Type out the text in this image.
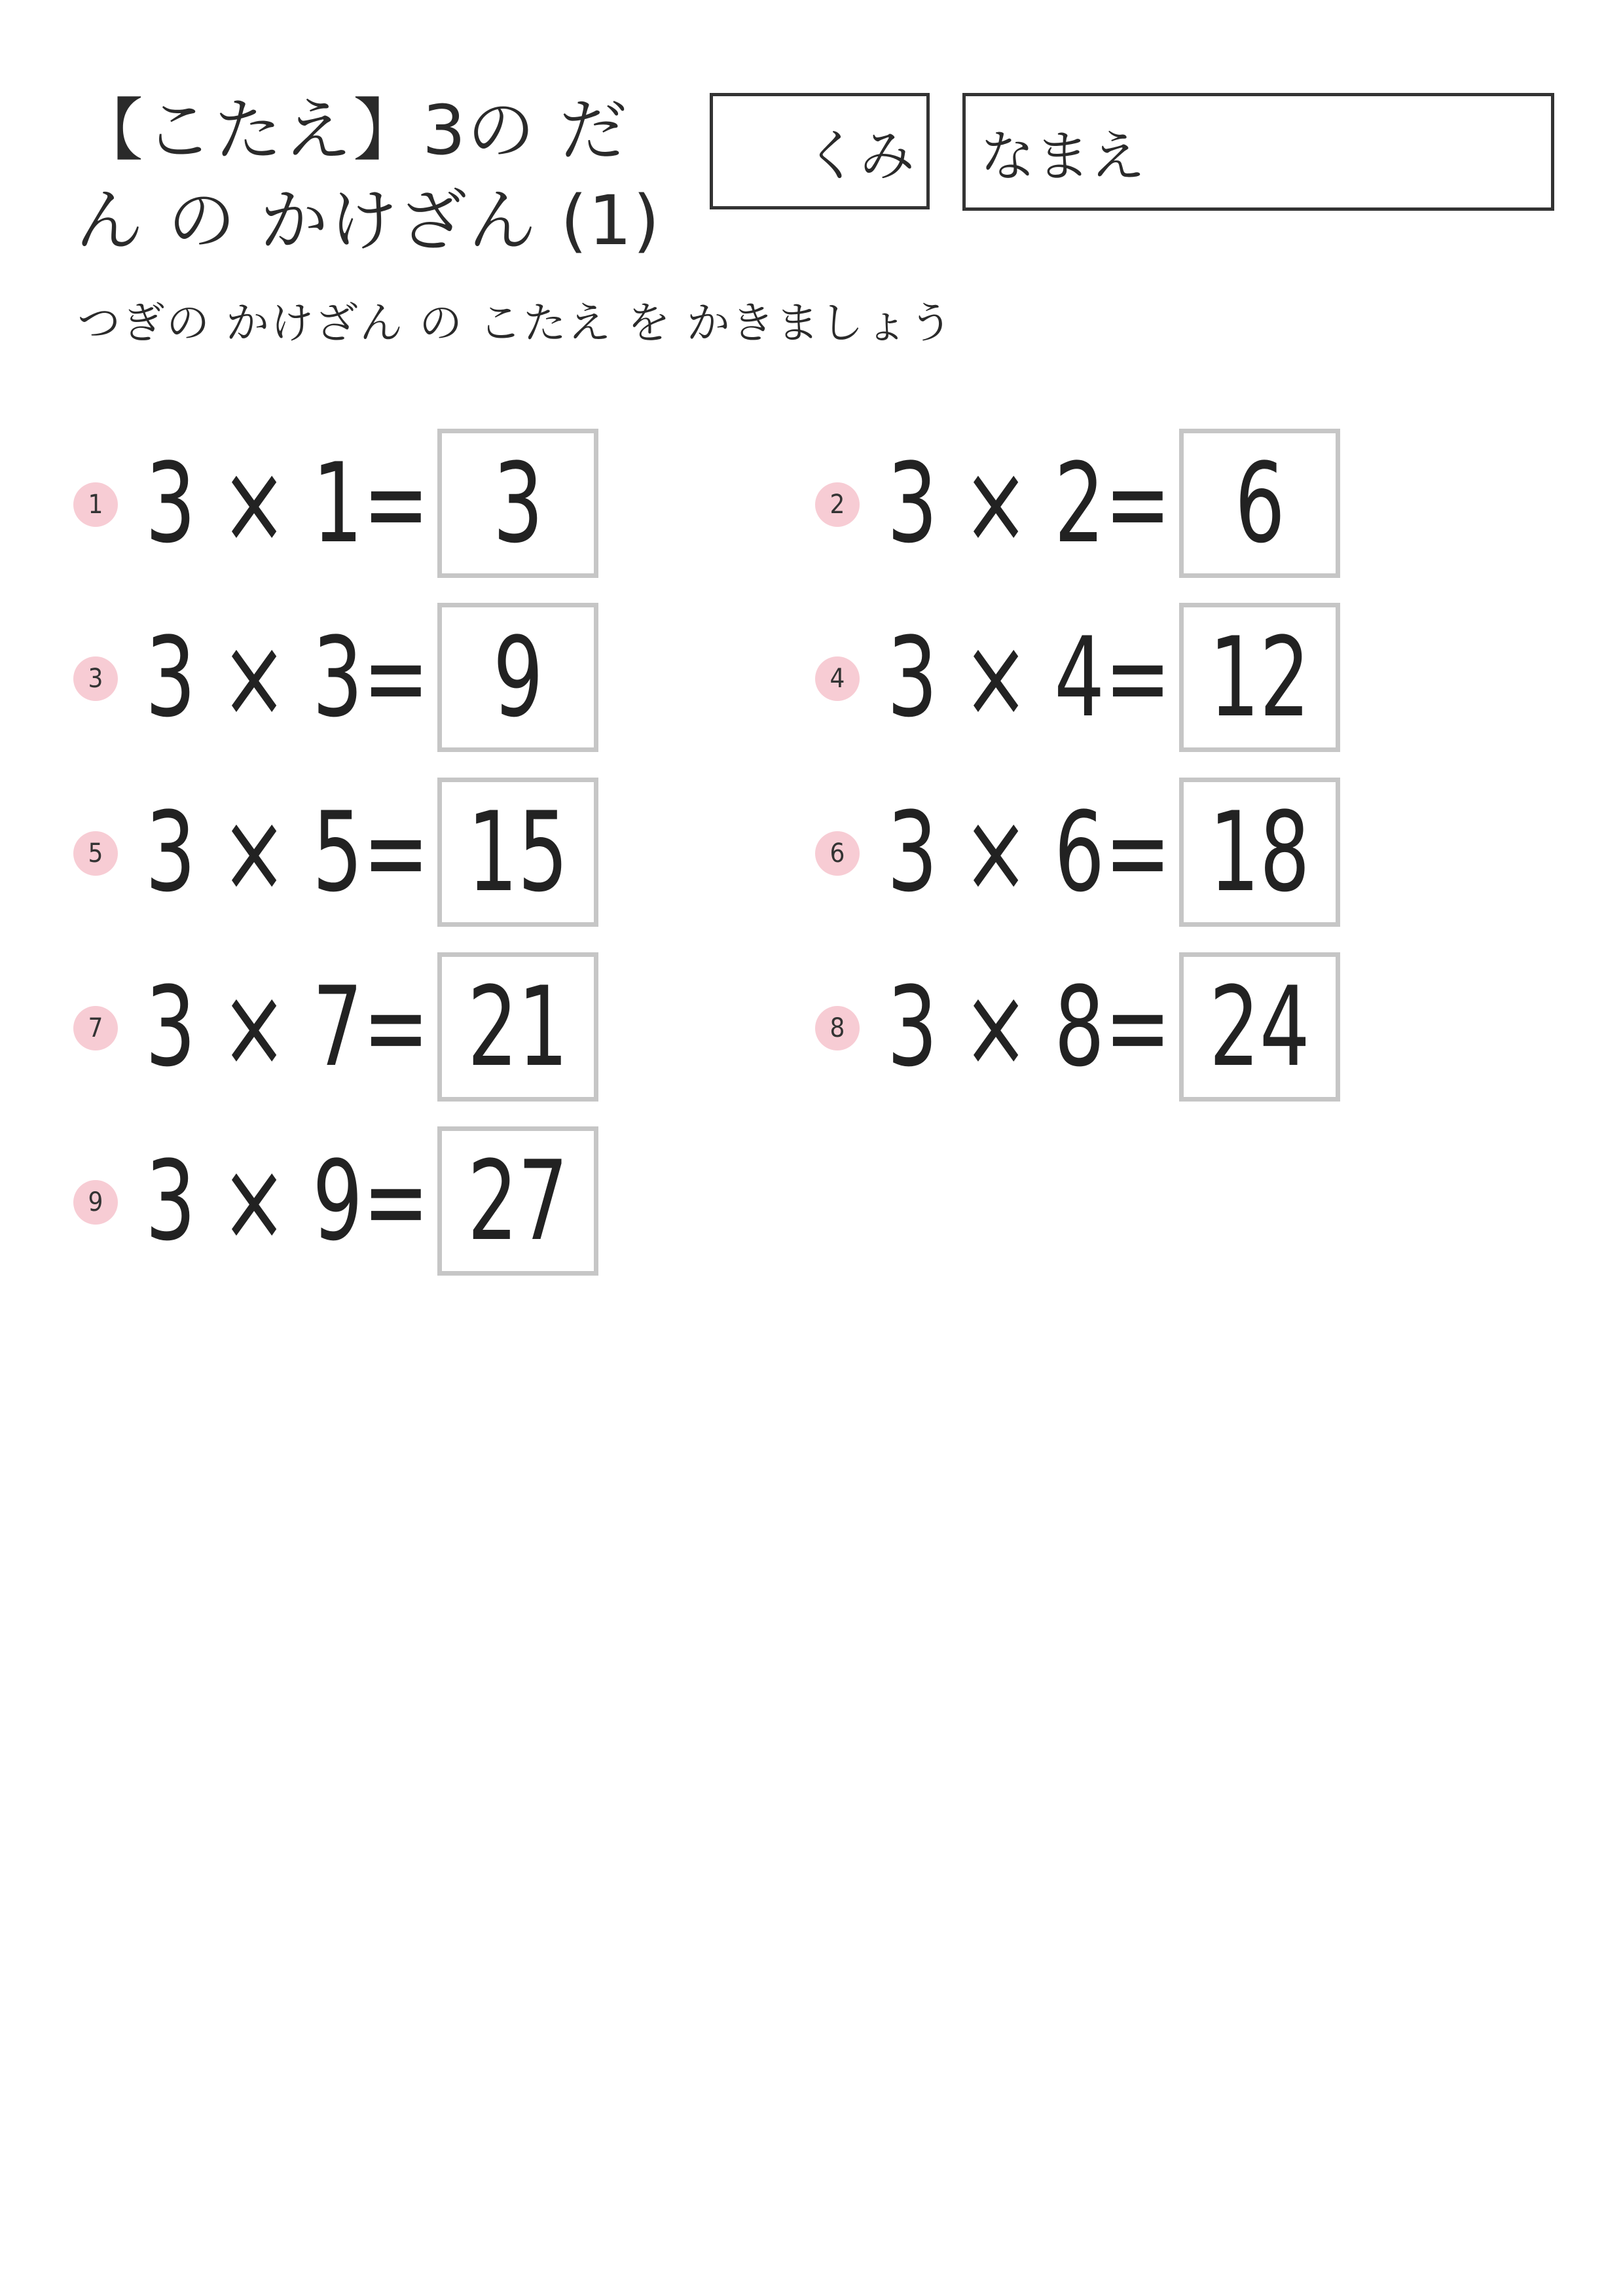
【こたえ】3の だん の かけざん (1)
くみ なまえ
つぎの かけざん の こたえ を かきましょう
1 3 × 1= 3	2 3 × 2= 6
3 3 × 3= 9	4 3 × 4= 12
5 3 × 5= 15	6 3 × 6= 18
7 3 × 7= 21	8 3 × 8= 24
9 3 × 9= 27
